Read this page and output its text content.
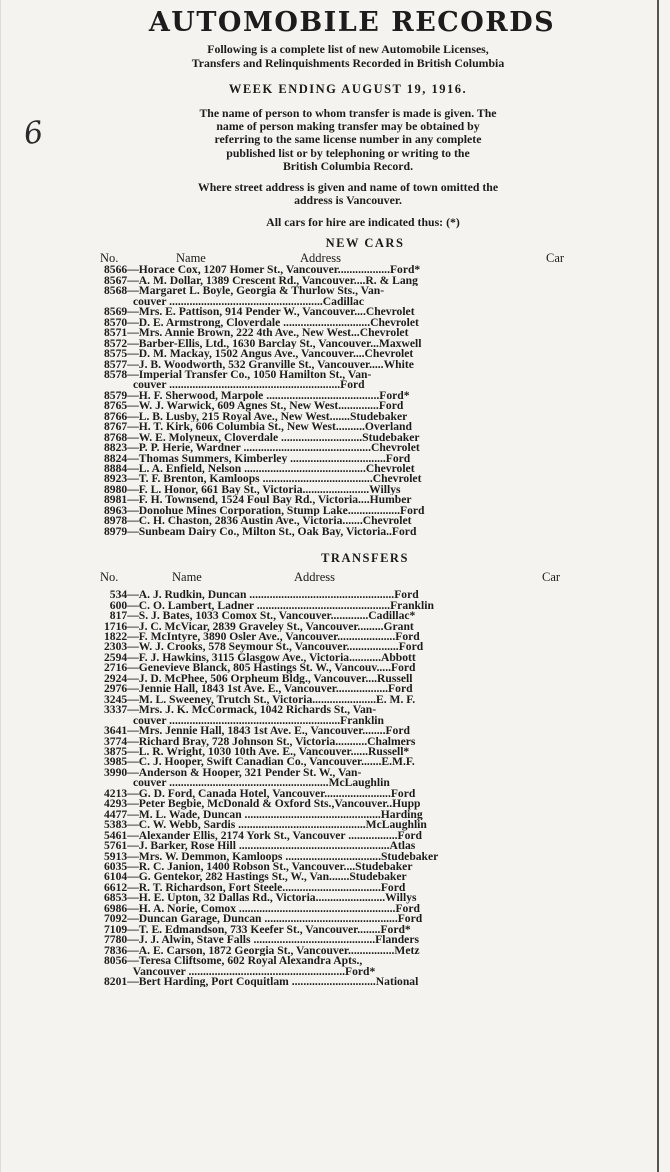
6
AUTOMOBILE RECORDS

Following is a complete list of new Automobile Licenses,

Transfers and Relinquishments Recorded in British Columbia

WEEK ENDING AUGUST 19, 1916.

The name of person to whom transfer is made is given. The
name of person making transfer may be obtained by
referring to the same license number in any complete
published list or by telephoning or writing to the
British Columbia Record.

Where street address is given and name of town omitted the
address is Vancouver.

All cars for hire are indicated thus: (*)
NEW CARS
No.	Name	Address	Car
8566—Horace Cox, 1207 Homer St., Vancouver..................Ford*
8567—A. M. Dollar, 1389 Crescent Rd., Vancouver....R. & Lang
8568—Margaret L. Boyle, Georgia & Thurlow Sts., Van-
couver .....................................................Cadillac
8569—Mrs. E. Pattison, 914 Pender W., Vancouver....Chevrolet
8570—D. E. Armstrong, Cloverdale ..............................Chevrolet
8571—Mrs. Annie Brown, 222 4th Ave., New West...Chevrolet
8572—Barber-Ellis, Ltd., 1630 Barclay St., Vancouver...Maxwell
8575—D. M. Mackay, 1502 Angus Ave., Vancouver....Chevrolet
8577—J. B. Woodworth, 532 Granville St., Vancouver.....White
8578—Imperial Transfer Co., 1050 Hamilton St., Van-
couver ...........................................................Ford
8579—H. F. Sherwood, Marpole .......................................Ford*
8765—W. J. Warwick, 609 Agnes St., New West..............Ford
8766—L. B. Lusby, 215 Royal Ave., New West.......Studebaker
8767—H. T. Kirk, 606 Columbia St., New West..........Overland
8768—W. E. Molyneux, Cloverdale ............................Studebaker
8823—P. P. Herie, Wardner ............................................Chevrolet
8824—Thomas Summers, Kimberley .................................Ford
8884—L. A. Enfield, Nelson ..........................................Chevrolet
8923—T. F. Brenton, Kamloops ......................................Chevrolet
8980—F. L. Honor, 661 Bay St., Victoria.......................Willys
8981—F. H. Townsend, 1524 Foul Bay Rd., Victoria....Humber
8963—Donohue Mines Corporation, Stump Lake..................Ford
8978—C. H. Chaston, 2836 Austin Ave., Victoria.......Chevrolet
8979—Sunbeam Dairy Co., Milton St., Oak Bay, Victoria..Ford
TRANSFERS
No.	Name	Address	Car
534—A. J. Rudkin, Duncan ..................................................Ford
600—C. O. Lambert, Ladner ..............................................Franklin
817—S. J. Bates, 1033 Comox St., Vancouver.............Cadillac*
1716—J. C. McVicar, 2839 Graveley St., Vancouver.........Grant
1822—F. McIntyre, 3890 Osler Ave., Vancouver....................Ford
2303—W. J. Crooks, 578 Seymour St., Vancouver..................Ford
2594—F. J. Hawkins, 3115 Glasgow Ave., Victoria...........Abbott
2716—Genevieve Blanck, 805 Hastings St. W., Vancouv.....Ford
2924—J. D. McPhee, 506 Orpheum Bldg., Vancouver....Russell
2976—Jennie Hall, 1843 1st Ave. E., Vancouver..................Ford
3245—M. L. Sweeney, Trutch St., Victoria......................E. M. F.
3337—Mrs. J. K. McCormack, 1042 Richards St., Van-
couver ...........................................................Franklin
3641—Mrs. Jennie Hall, 1843 1st Ave. E., Vancouver........Ford
3774—Richard Bray, 728 Johnson St., Victoria...........Chalmers
3875—L. R. Wright, 1030 10th Ave. E., Vancouver......Russell*
3985—C. J. Hooper, Swift Canadian Co., Vancouver.......E.M.F.
3990—Anderson & Hooper, 321 Pender St. W., Van-
couver .......................................................McLaughlin
4213—G. D. Ford, Canada Hotel, Vancouver.......................Ford
4293—Peter Begbie, McDonald & Oxford Sts.,Vancouver..Hupp
4477—M. L. Wade, Duncan ...............................................Harding
5383—C. W. Webb, Sardis ............................................McLaughlin
5461—Alexander Ellis, 2174 York St., Vancouver .................Ford
5761—J. Barker, Rose Hill ....................................................Atlas
5913—Mrs. W. Demmon, Kamloops .................................Studebaker
6035—R. C. Janion, 1400 Robson St., Vancouver....Studebaker
6104—G. Gentekor, 282 Hastings St., W., Van.......Studebaker
6612—R. T. Richardson, Fort Steele..................................Ford
6853—H. E. Upton, 32 Dallas Rd., Victoria........................Willys
6986—H. A. Norie, Comox ......................................................Ford
7092—Duncan Garage, Duncan ..............................................Ford
7109—T. E. Edmandson, 733 Keefer St., Vancouver........Ford*
7780—J. J. Alwin, Stave Falls ..........................................Flanders
7836—A. E. Carson, 1872 Georgia St., Vancouver................Metz
8056—Teresa Cliftsome, 602 Royal Alexandra Apts.,
Vancouver ......................................................Ford*
8201—Bert Harding, Port Coquitlam .............................National
